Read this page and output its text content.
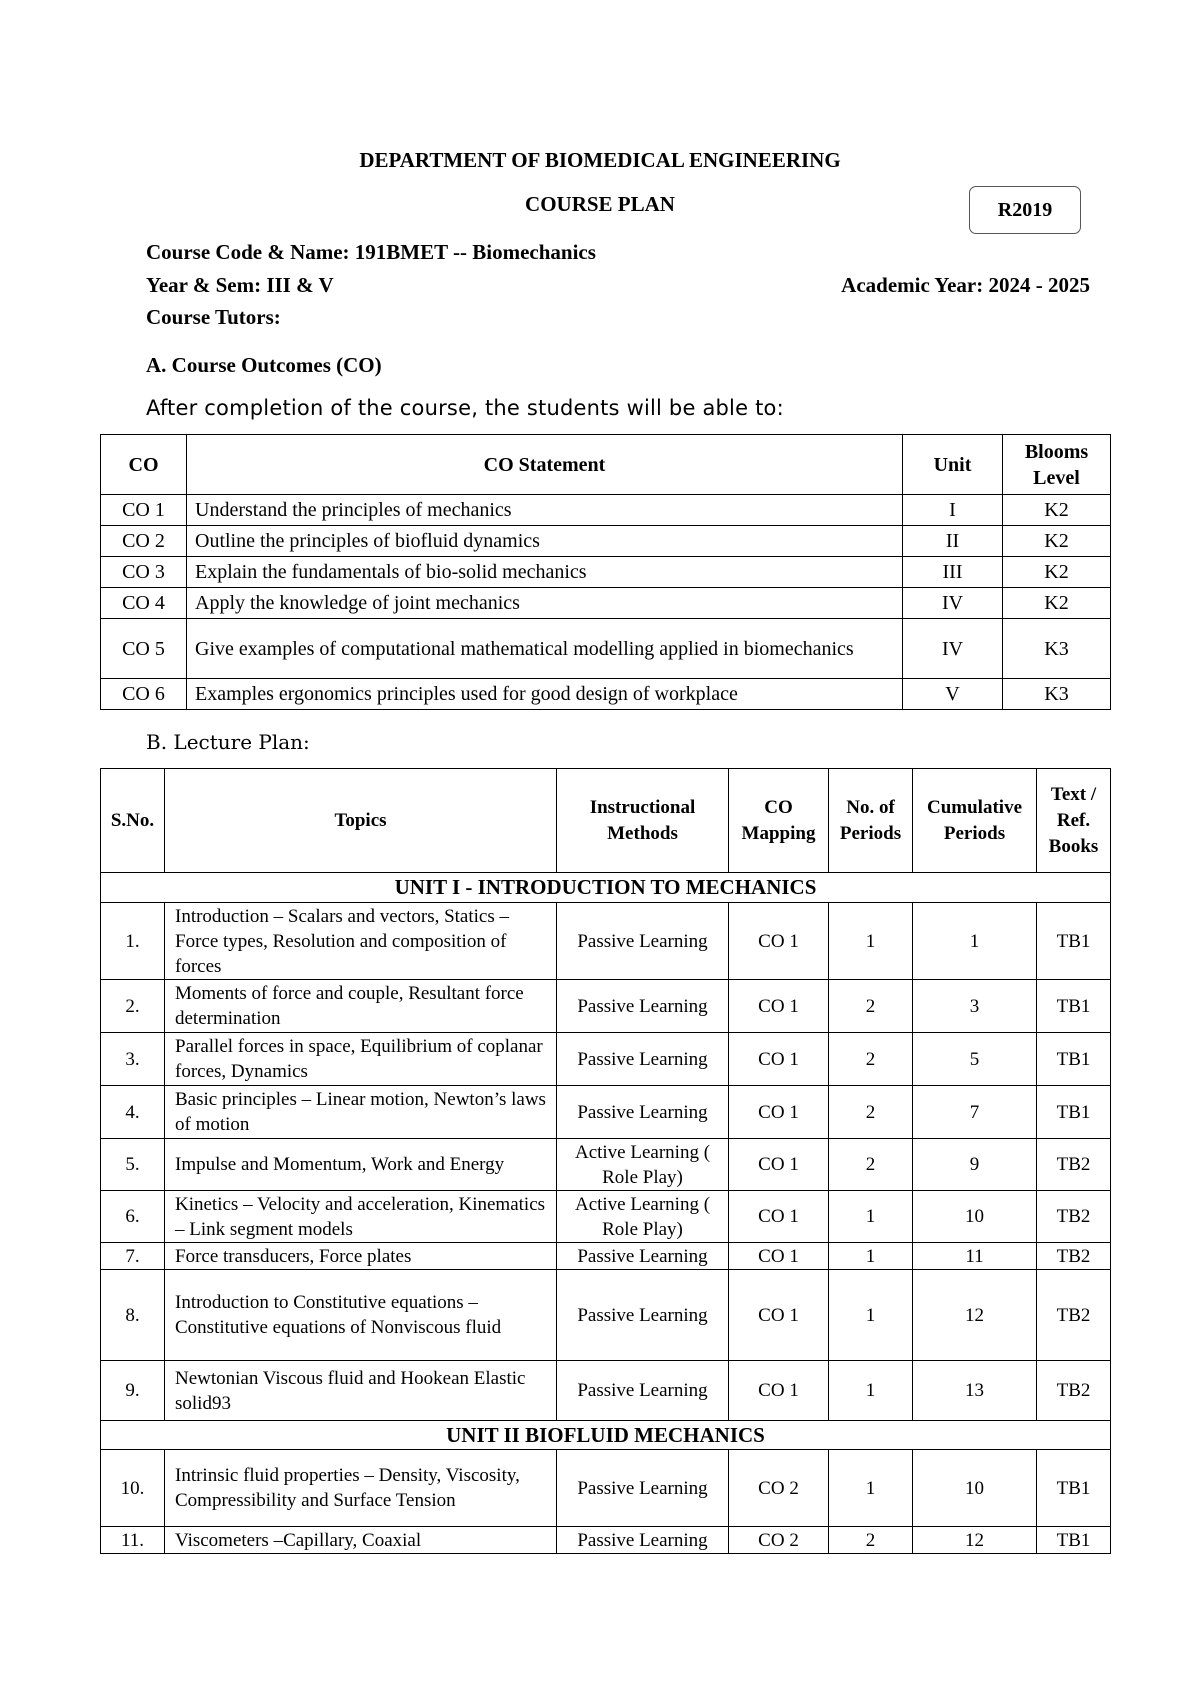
DEPARTMENT OF BIOMEDICAL ENGINEERING
COURSE PLAN	R2019
Course Code & Name: 191BMET -- Biomechanics
Year & Sem: III & V	Academic Year: 2024 - 2025
Course Tutors:
A. Course Outcomes (CO)
After completion of the course, the students will be able to:
CO	CO Statement	Unit	Blooms Level
CO 1	Understand the principles of mechanics	I	K2
CO 2	Outline the principles of biofluid dynamics	II	K2
CO 3	Explain the fundamentals of bio-solid mechanics	III	K2
CO 4	Apply the knowledge of joint mechanics	IV	K2
CO 5	Give examples of computational mathematical modelling applied in biomechanics	IV	K3
CO 6	Examples ergonomics principles used for good design of workplace	V	K3
B. Lecture Plan:
S.No.	Topics	Instructional Methods	CO Mapping	No. of Periods	Cumulative Periods	Text / Ref. Books
UNIT I - INTRODUCTION TO MECHANICS						
1.	Introduction – Scalars and vectors, Statics – Force types, Resolution and composition of forces	Passive Learning	CO 1	1	1	TB1
2.	Moments of force and couple, Resultant force determination	Passive Learning	CO 1	2	3	TB1
3.	Parallel forces in space, Equilibrium of coplanar forces, Dynamics	Passive Learning	CO 1	2	5	TB1
4.	Basic principles – Linear motion, Newton’s laws of motion	Passive Learning	CO 1	2	7	TB1
5.	Impulse and Momentum, Work and Energy	Active Learning ( Role Play)	CO 1	2	9	TB2
6.	Kinetics – Velocity and acceleration, Kinematics – Link segment models	Active Learning ( Role Play)	CO 1	1	10	TB2
7.	Force transducers, Force plates	Passive Learning	CO 1	1	11	TB2
8.	Introduction to Constitutive equations – Constitutive equations of Nonviscous fluid	Passive Learning	CO 1	1	12	TB2
9.	Newtonian Viscous fluid and Hookean Elastic solid93	Passive Learning	CO 1	1	13	TB2
UNIT II BIOFLUID MECHANICS						
10.	Intrinsic fluid properties – Density, Viscosity, Compressibility and Surface Tension	Passive Learning	CO 2	1	10	TB1
11.	Viscometers –Capillary, Coaxial	Passive Learning	CO 2	2	12	TB1
